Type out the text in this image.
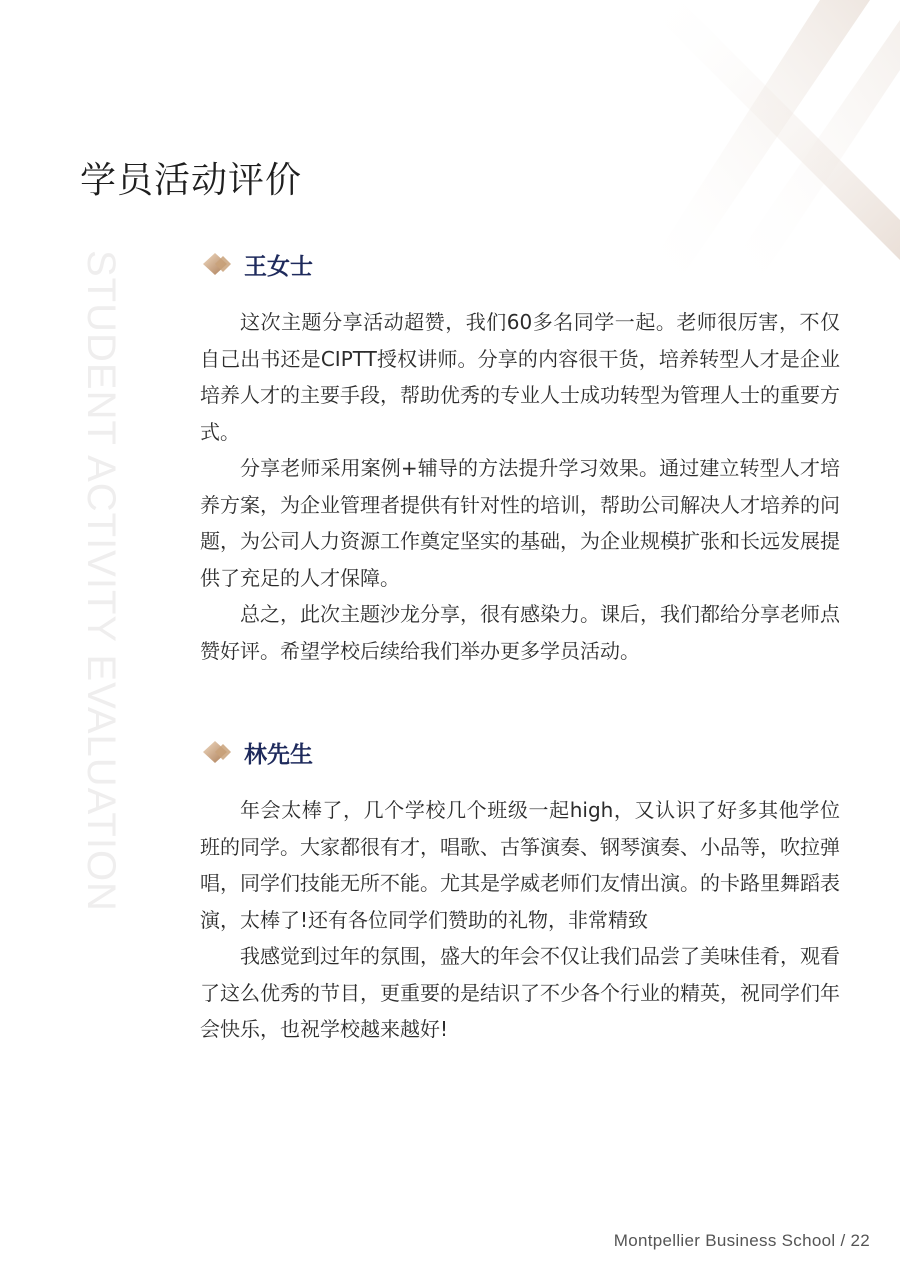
学员活动评价
STUDENT ACTIVITY EVALUATION	王女士

这次主题分享活动超赞，我们60多名同学一起。老师很厉害，不仅自己出书还是CIPTT授权讲师。分享的内容很干货，培养转型人才是企业培养人才的主要手段，帮助优秀的专业人士成功转型为管理人士的重要方式。

分享老师采用案例+辅导的方法提升学习效果。通过建立转型人才培养方案，为企业管理者提供有针对性的培训，帮助公司解决人才培养的问题，为公司人力资源工作奠定坚实的基础，为企业规模扩张和长远发展提供了充足的人才保障。

总之，此次主题沙龙分享，很有感染力。课后，我们都给分享老师点赞好评。希望学校后续给我们举办更多学员活动。

林先生

年会太棒了，几个学校几个班级一起high，又认识了好多其他学位班的同学。大家都很有才，唱歌、古筝演奏、钢琴演奏、小品等，吹拉弹唱，同学们技能无所不能。尤其是学威老师们友情出演。的卡路里舞蹈表演，太棒了!还有各位同学们赞助的礼物，非常精致

我感觉到过年的氛围，盛大的年会不仅让我们品尝了美味佳肴，观看了这么优秀的节目，更重要的是结识了不少各个行业的精英，祝同学们年会快乐，也祝学校越来越好!

Montpellier Business School / 22
